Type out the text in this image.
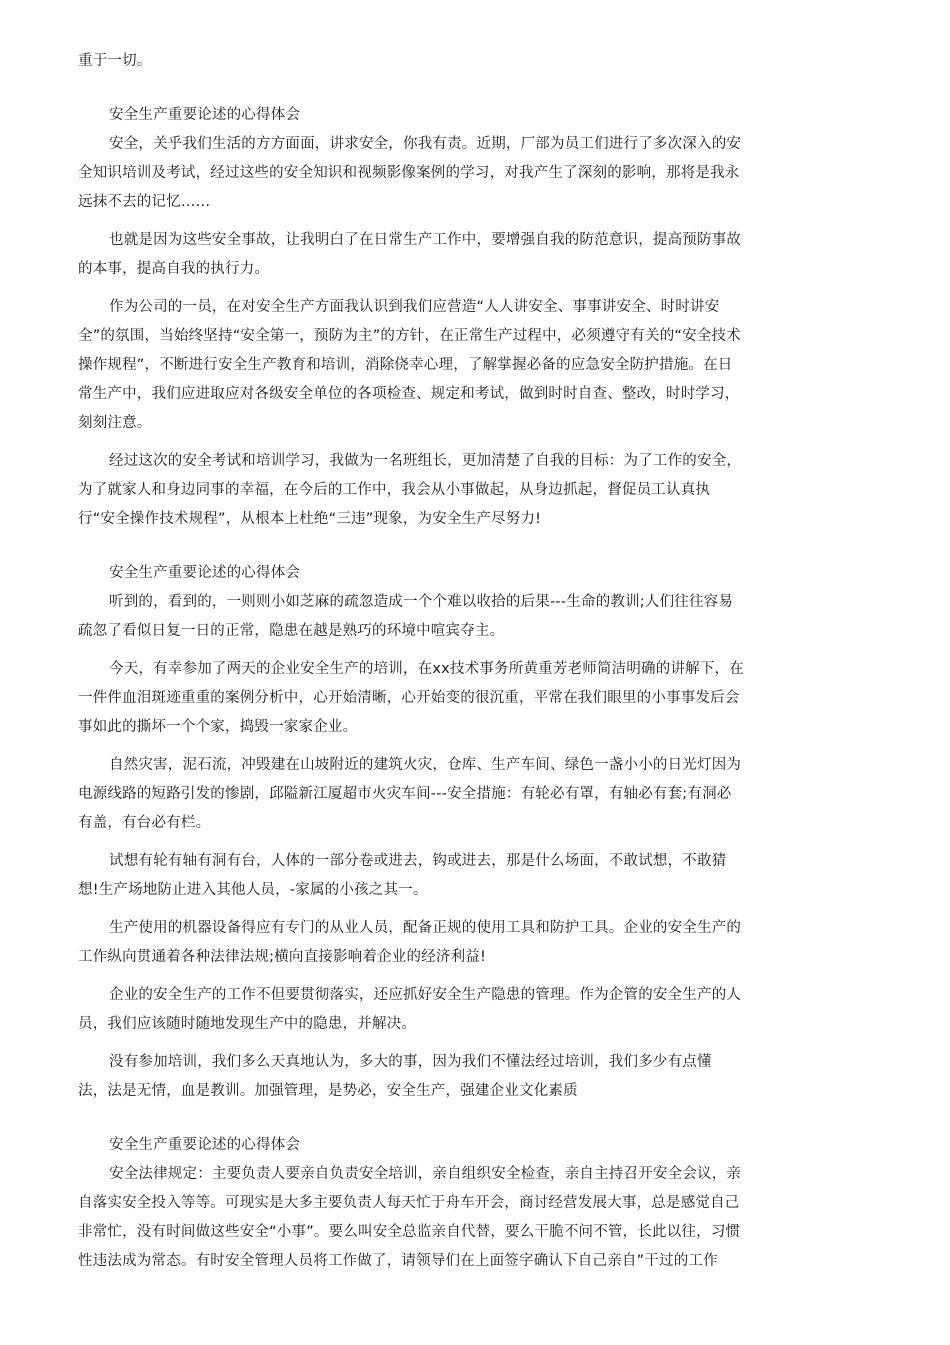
重于一切。
安全生产重要论述的心得体会
安全，关乎我们生活的方方面面，讲求安全，你我有责。近期，厂部为员工们进行了多次深入的安
全知识培训及考试，经过这些的安全知识和视频影像案例的学习，对我产生了深刻的影响，那将是我永
远抹不去的记忆……
也就是因为这些安全事故，让我明白了在日常生产工作中，要增强自我的防范意识，提高预防事故
的本事，提高自我的执行力。
作为公司的一员，在对安全生产方面我认识到我们应营造“人人讲安全、事事讲安全、时时讲安
全”的氛围，当始终坚持“安全第一，预防为主”的方针，在正常生产过程中，必须遵守有关的“安全技术
操作规程”，不断进行安全生产教育和培训，消除侥幸心理，了解掌握必备的应急安全防护措施。在日
常生产中，我们应进取应对各级安全单位的各项检查、规定和考试，做到时时自查、整改，时时学习，
刻刻注意。
经过这次的安全考试和培训学习，我做为一名班组长，更加清楚了自我的目标：为了工作的安全，
为了就家人和身边同事的幸福，在今后的工作中，我会从小事做起，从身边抓起，督促员工认真执
行“安全操作技术规程”，从根本上杜绝“三违”现象，为安全生产尽努力!
安全生产重要论述的心得体会
听到的，看到的，一则则小如芝麻的疏忽造成一个个难以收拾的后果---生命的教训;人们往往容易
疏忽了看似日复一日的正常，隐患在越是熟巧的环境中喧宾夺主。
今天，有幸参加了两天的企业安全生产的培训，在xx技术事务所黄重芳老师简洁明确的讲解下，在
一件件血泪斑迹重重的案例分析中，心开始清晰，心开始变的很沉重，平常在我们眼里的小事事发后会
事如此的撕坏一个个家，捣毁一家家企业。
自然灾害，泥石流，冲毁建在山坡附近的建筑火灾，仓库、生产车间、绿色一盏小小的日光灯因为
电源线路的短路引发的惨剧，邱隘新江厦超市火灾车间---安全措施：有轮必有罩，有轴必有套;有洞必
有盖，有台必有栏。
试想有轮有轴有洞有台，人体的一部分卷或进去，钩或进去，那是什么场面，不敢试想，不敢猜
想!生产场地防止进入其他人员，-家属的小孩之其一。
生产使用的机器设备得应有专门的从业人员，配备正规的使用工具和防护工具。企业的安全生产的
工作纵向贯通着各种法律法规;横向直接影响着企业的经济利益!
企业的安全生产的工作不但要贯彻落实，还应抓好安全生产隐患的管理。作为企管的安全生产的人
员，我们应该随时随地发现生产中的隐患，并解决。
没有参加培训，我们多么天真地认为，多大的事，因为我们不懂法经过培训，我们多少有点懂
法，法是无情，血是教训。加强管理，是势必，安全生产，强建企业文化素质
安全生产重要论述的心得体会
安全法律规定：主要负责人要亲自负责安全培训，亲自组织安全检查，亲自主持召开安全会议，亲
自落实安全投入等等。可现实是大多主要负责人每天忙于舟车开会，商讨经营发展大事，总是感觉自己
非常忙，没有时间做这些安全“小事”。要么叫安全总监亲自代替，要么干脆不问不管，长此以往，习惯
性违法成为常态。有时安全管理人员将工作做了，请领导们在上面签字确认下自己亲自”干过的工作
